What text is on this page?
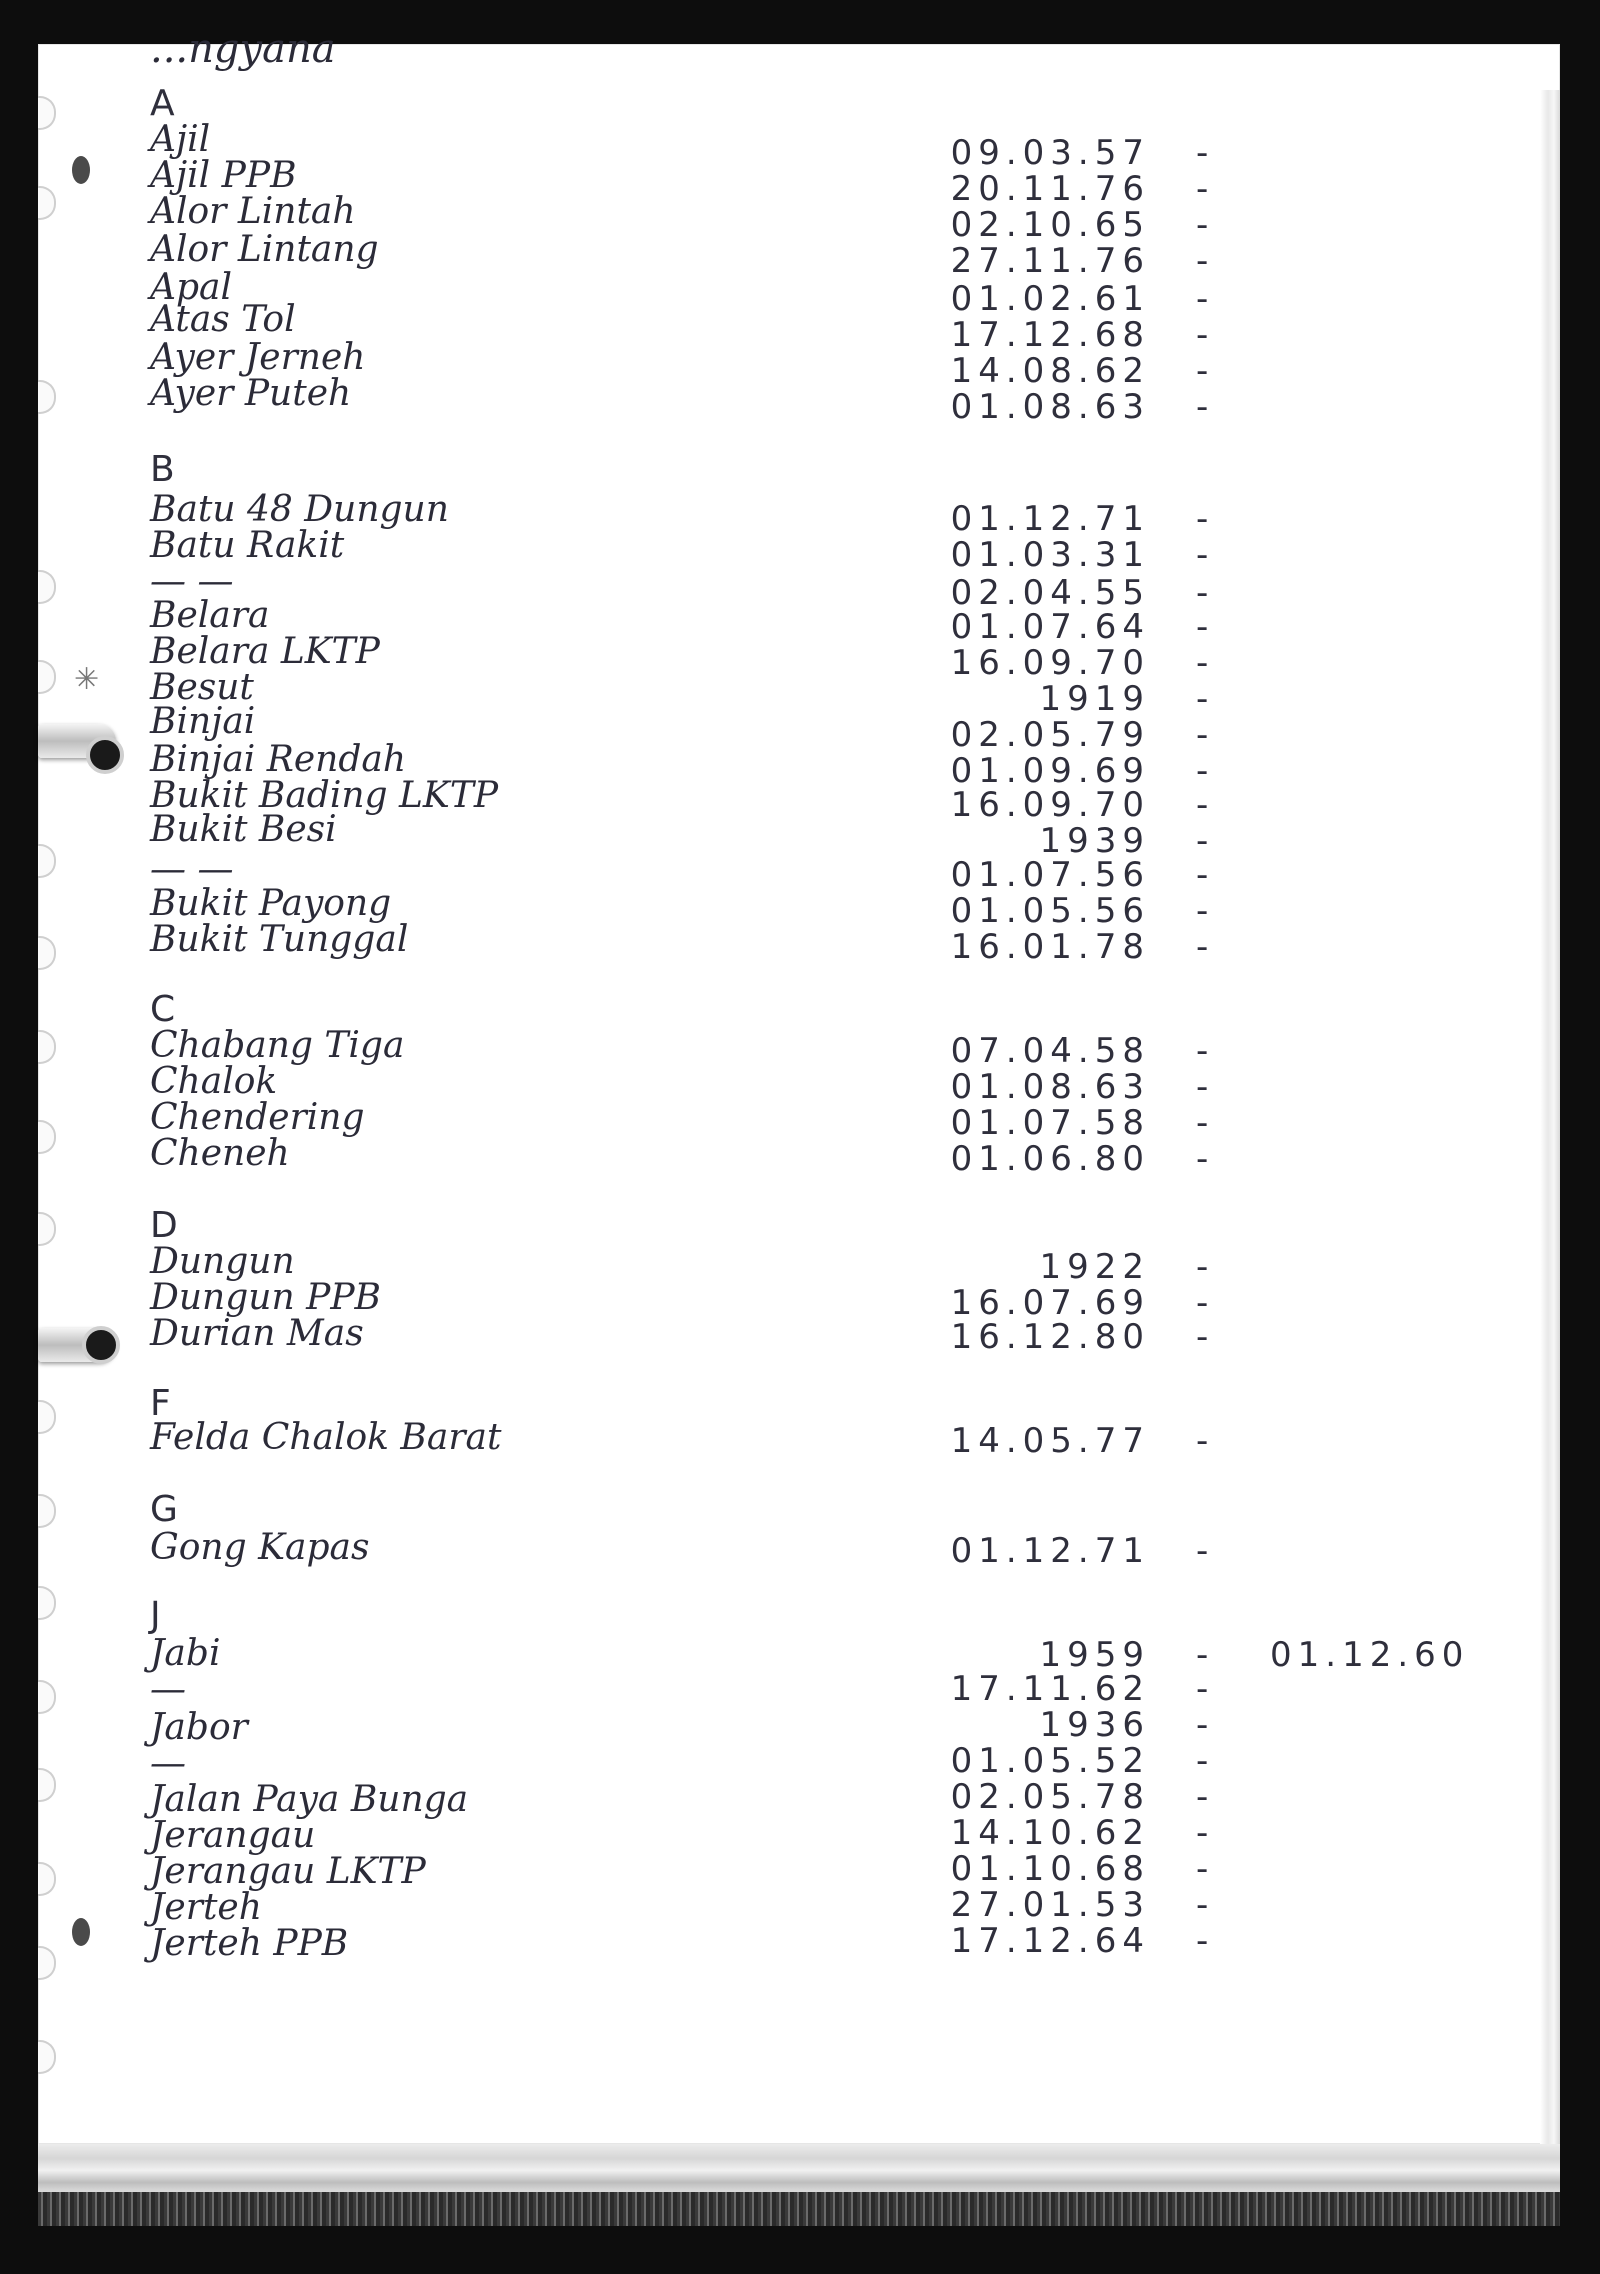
✳
...ngyana
A
Ajil	09.03.57 -
Ajil PPB	20.11.76 -
Alor Lintah	02.10.65 -
Alor Lintang	27.11.76 -
Apal	01.02.61 -
Atas Tol	17.12.68 -
Ayer Jerneh	14.08.62 -
Ayer Puteh	01.08.63 -
B
Batu 48 Dungun	01.12.71 -
Batu Rakit	01.03.31 -
— —	02.04.55 -
Belara	01.07.64 -
Belara LKTP	16.09.70 -
Besut	1919 -
Binjai	02.05.79 -
Binjai Rendah	01.09.69 -
Bukit Bading LKTP	16.09.70 -
Bukit Besi	1939 -
— —	01.07.56 -
Bukit Payong	01.05.56 -
Bukit Tunggal	16.01.78 -
C
Chabang Tiga	07.04.58 -
Chalok	01.08.63 -
Chendering	01.07.58 -
Cheneh	01.06.80 -
D
Dungun	1922 -
Dungun PPB	16.07.69 -
Durian Mas	16.12.80 -
F
Felda Chalok Barat	14.05.77 -
G
Gong Kapas	01.12.71 -
J
Jabi	1959 - 01.12.60
—	17.11.62 -
Jabor	1936 -
—	01.05.52 -
Jalan Paya Bunga	02.05.78 -
Jerangau	14.10.62 -
Jerangau LKTP	01.10.68 -
Jerteh	27.01.53 -
Jerteh PPB	17.12.64 -
